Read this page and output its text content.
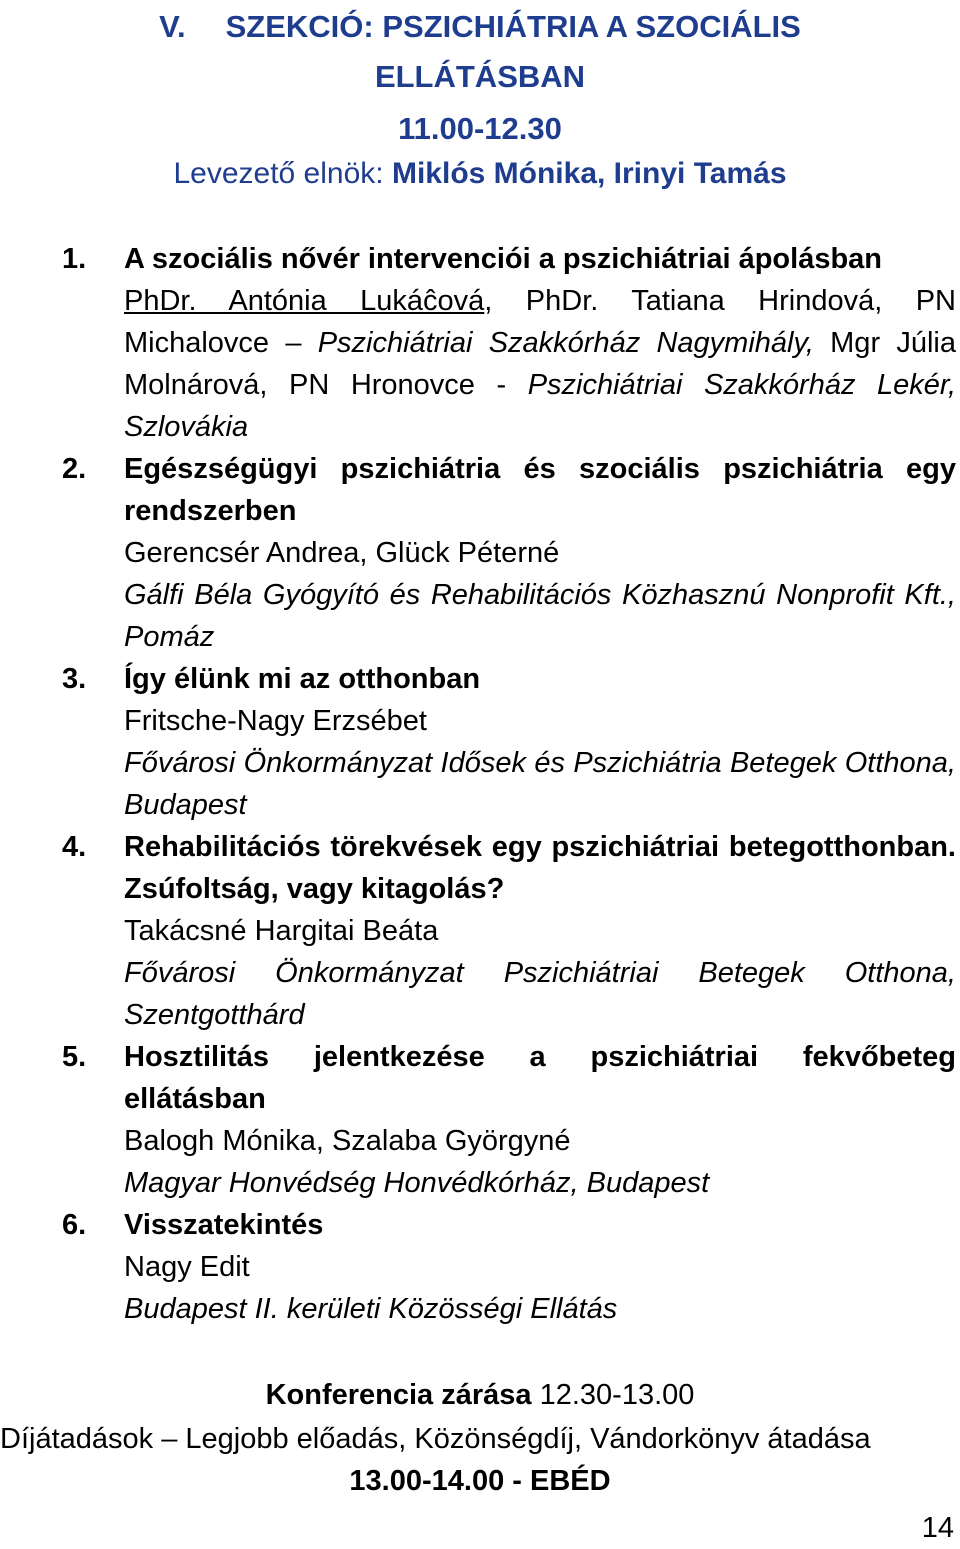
V. SZEKCIÓ: PSZICHIÁTRIA A SZOCIÁLIS
ELLÁTÁSBAN
11.00-12.30
Levezető elnök: Miklós Mónika, Irinyi Tamás
1. A szociális nővér intervenciói a pszichiátriai ápolásban
PhDr. Antónia Lukáĉová, PhDr. Tatiana Hrindová, PN Michalovce – Pszichiátriai Szakkórház Nagymihály, Mgr Júlia Molnárová, PN Hronovce - Pszichiátriai Szakkórház Lekér, Szlovákia
2. Egészségügyi pszichiátria és szociális pszichiátria egy rendszerben
Gerencsér Andrea, Glück Péterné
Gálfi Béla Gyógyító és Rehabilitációs Közhasznú Nonprofit Kft., Pomáz
3. Így élünk mi az otthonban
Fritsche-Nagy Erzsébet
Fővárosi Önkormányzat Idősek és Pszichiátria Betegek Otthona, Budapest
4. Rehabilitációs törekvések egy pszichiátriai betegotthonban. Zsúfoltság, vagy kitagolás?
Takácsné Hargitai Beáta
Fővárosi Önkormányzat Pszichiátriai Betegek Otthona, Szentgotthárd
5. Hosztilitás jelentkezése a pszichiátriai fekvőbeteg ellátásban
Balogh Mónika, Szalaba Györgyné
Magyar Honvédség Honvédkórház, Budapest
6. Visszatekintés
Nagy Edit
Budapest II. kerületi Közösségi Ellátás
Konferencia zárása 12.30-13.00
Díjátadások – Legjobb előadás, Közönségdíj, Vándorkönyv átadása
13.00-14.00 - EBÉD
14
